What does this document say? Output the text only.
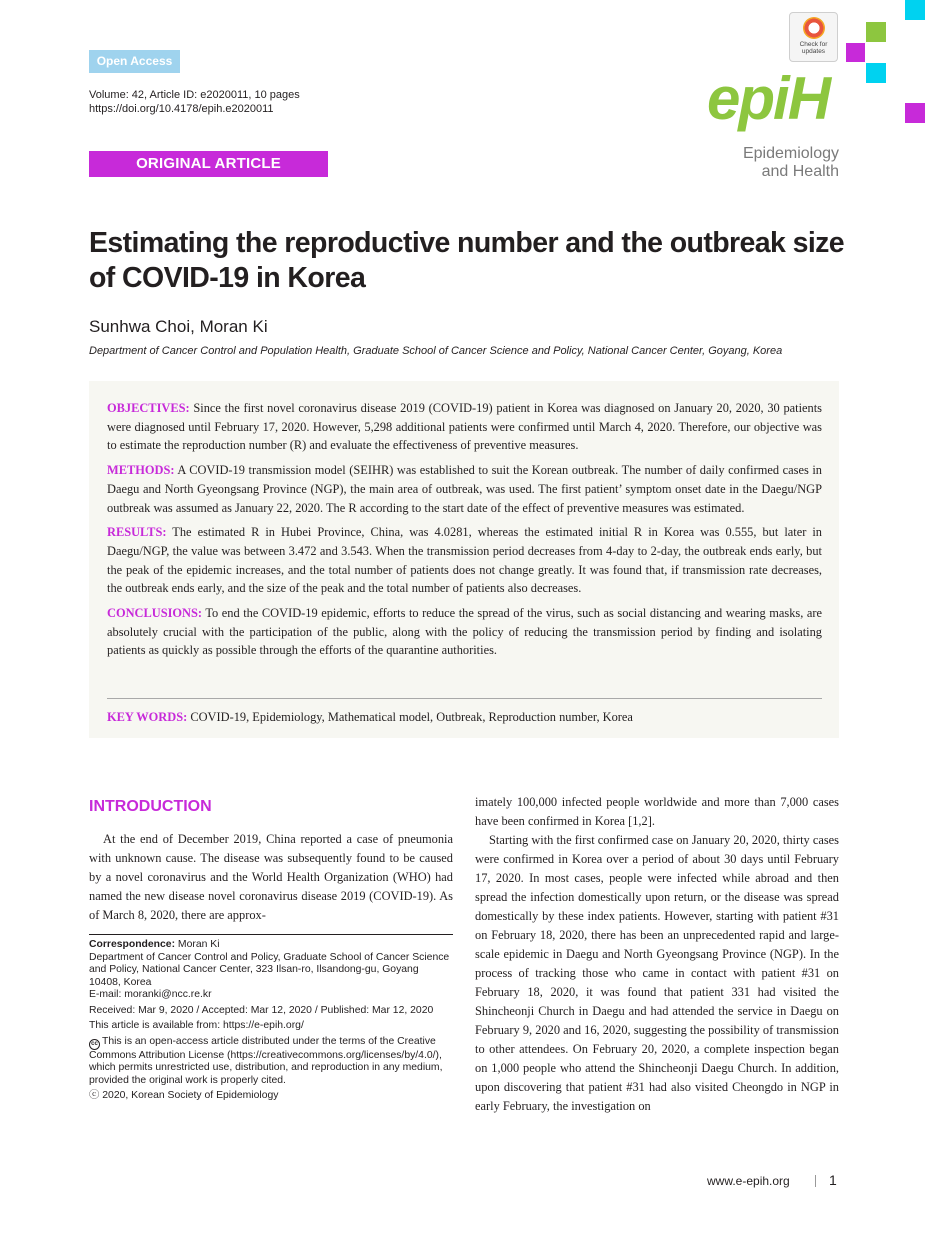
Open Access
Volume: 42, Article ID: e2020011, 10 pages
https://doi.org/10.4178/epih.e2020011
ORIGINAL ARTICLE
Check for updates
epiH
Epidemiology
and Health
Estimating the reproductive number and the outbreak size of COVID-19 in Korea
Sunhwa Choi, Moran Ki
Department of Cancer Control and Population Health, Graduate School of Cancer Science and Policy, National Cancer Center, Goyang, Korea

OBJECTIVES: Since the first novel coronavirus disease 2019 (COVID-19) patient in Korea was diagnosed on January 20, 2020, 30 patients were diagnosed until February 17, 2020. However, 5,298 additional patients were confirmed until March 4, 2020. Therefore, our objective was to estimate the reproduction number (R) and evaluate the effectiveness of preventive measures.

METHODS: A COVID-19 transmission model (SEIHR) was established to suit the Korean outbreak. The number of daily confirmed cases in Daegu and North Gyeongsang Province (NGP), the main area of outbreak, was used. The first patient’ symptom onset date in the Daegu/NGP outbreak was assumed as January 22, 2020. The R according to the start date of the effect of preventive measures was estimated.

RESULTS: The estimated R in Hubei Province, China, was 4.0281, whereas the estimated initial R in Korea was 0.555, but later in Daegu/NGP, the value was between 3.472 and 3.543. When the transmission period decreases from 4-day to 2-day, the outbreak ends early, but the peak of the epidemic increases, and the total number of patients does not change greatly. It was found that, if transmission rate decreases, the outbreak ends early, and the size of the peak and the total number of patients also decreases.

CONCLUSIONS: To end the COVID-19 epidemic, efforts to reduce the spread of the virus, such as social distancing and wearing masks, are absolutely crucial with the participation of the public, along with the policy of reducing the transmission period by finding and isolating patients as quickly as possible through the efforts of the quarantine authorities.

KEY WORDS: COVID-19, Epidemiology, Mathematical model, Outbreak, Reproduction number, Korea
INTRODUCTION

At the end of December 2019, China reported a case of pneumonia with unknown cause. The disease was subsequently found to be caused by a novel coronavirus and the World Health Organization (WHO) had named the new disease novel coronavirus disease 2019 (COVID-19). As of March 8, 2020, there are approx-

imately 100,000 infected people worldwide and more than 7,000 cases have been confirmed in Korea [1,2].

Starting with the first confirmed case on January 20, 2020, thirty cases were confirmed in Korea over a period of about 30 days until February 17, 2020. In most cases, people were infected while abroad and then spread the infection domestically upon return, or the disease was spread domestically by these index patients. However, starting with patient #31 on February 18, 2020, there has been an unprecedented rapid and large-scale epidemic in Daegu and North Gyeongsang Province (NGP). In the process of tracking those who came in contact with patient #31 on February 18, 2020, it was found that patient 331 had visited the Shincheonji Church in Daegu and had attended the service in Daegu on February 9, 2020 and 16, 2020, suggesting the possibility of transmission to other attendees. On February 20, 2020, a complete inspection began on 1,000 people who attend the Shincheonji Daegu Church. In addition, upon discovering that patient #31 had also visited Cheongdo in NGP in early February, the investigation on

Correspondence: Moran Ki
Department of Cancer Control and Policy, Graduate School of Cancer Science and Policy, National Cancer Center, 323 Ilsan-ro, Ilsandong-gu, Goyang 10408, Korea
E-mail: moranki@ncc.re.kr
Received: Mar 9, 2020 / Accepted: Mar 12, 2020 / Published: Mar 12, 2020
This article is available from: https://e-epih.org/
cc This is an open-access article distributed under the terms of the Creative Commons Attribution License (https://creativecommons.org/licenses/by/4.0/), which permits unrestricted use, distribution, and reproduction in any medium, provided the original work is properly cited.
ⓒ 2020, Korean Society of Epidemiology
www.e-epih.org	1
